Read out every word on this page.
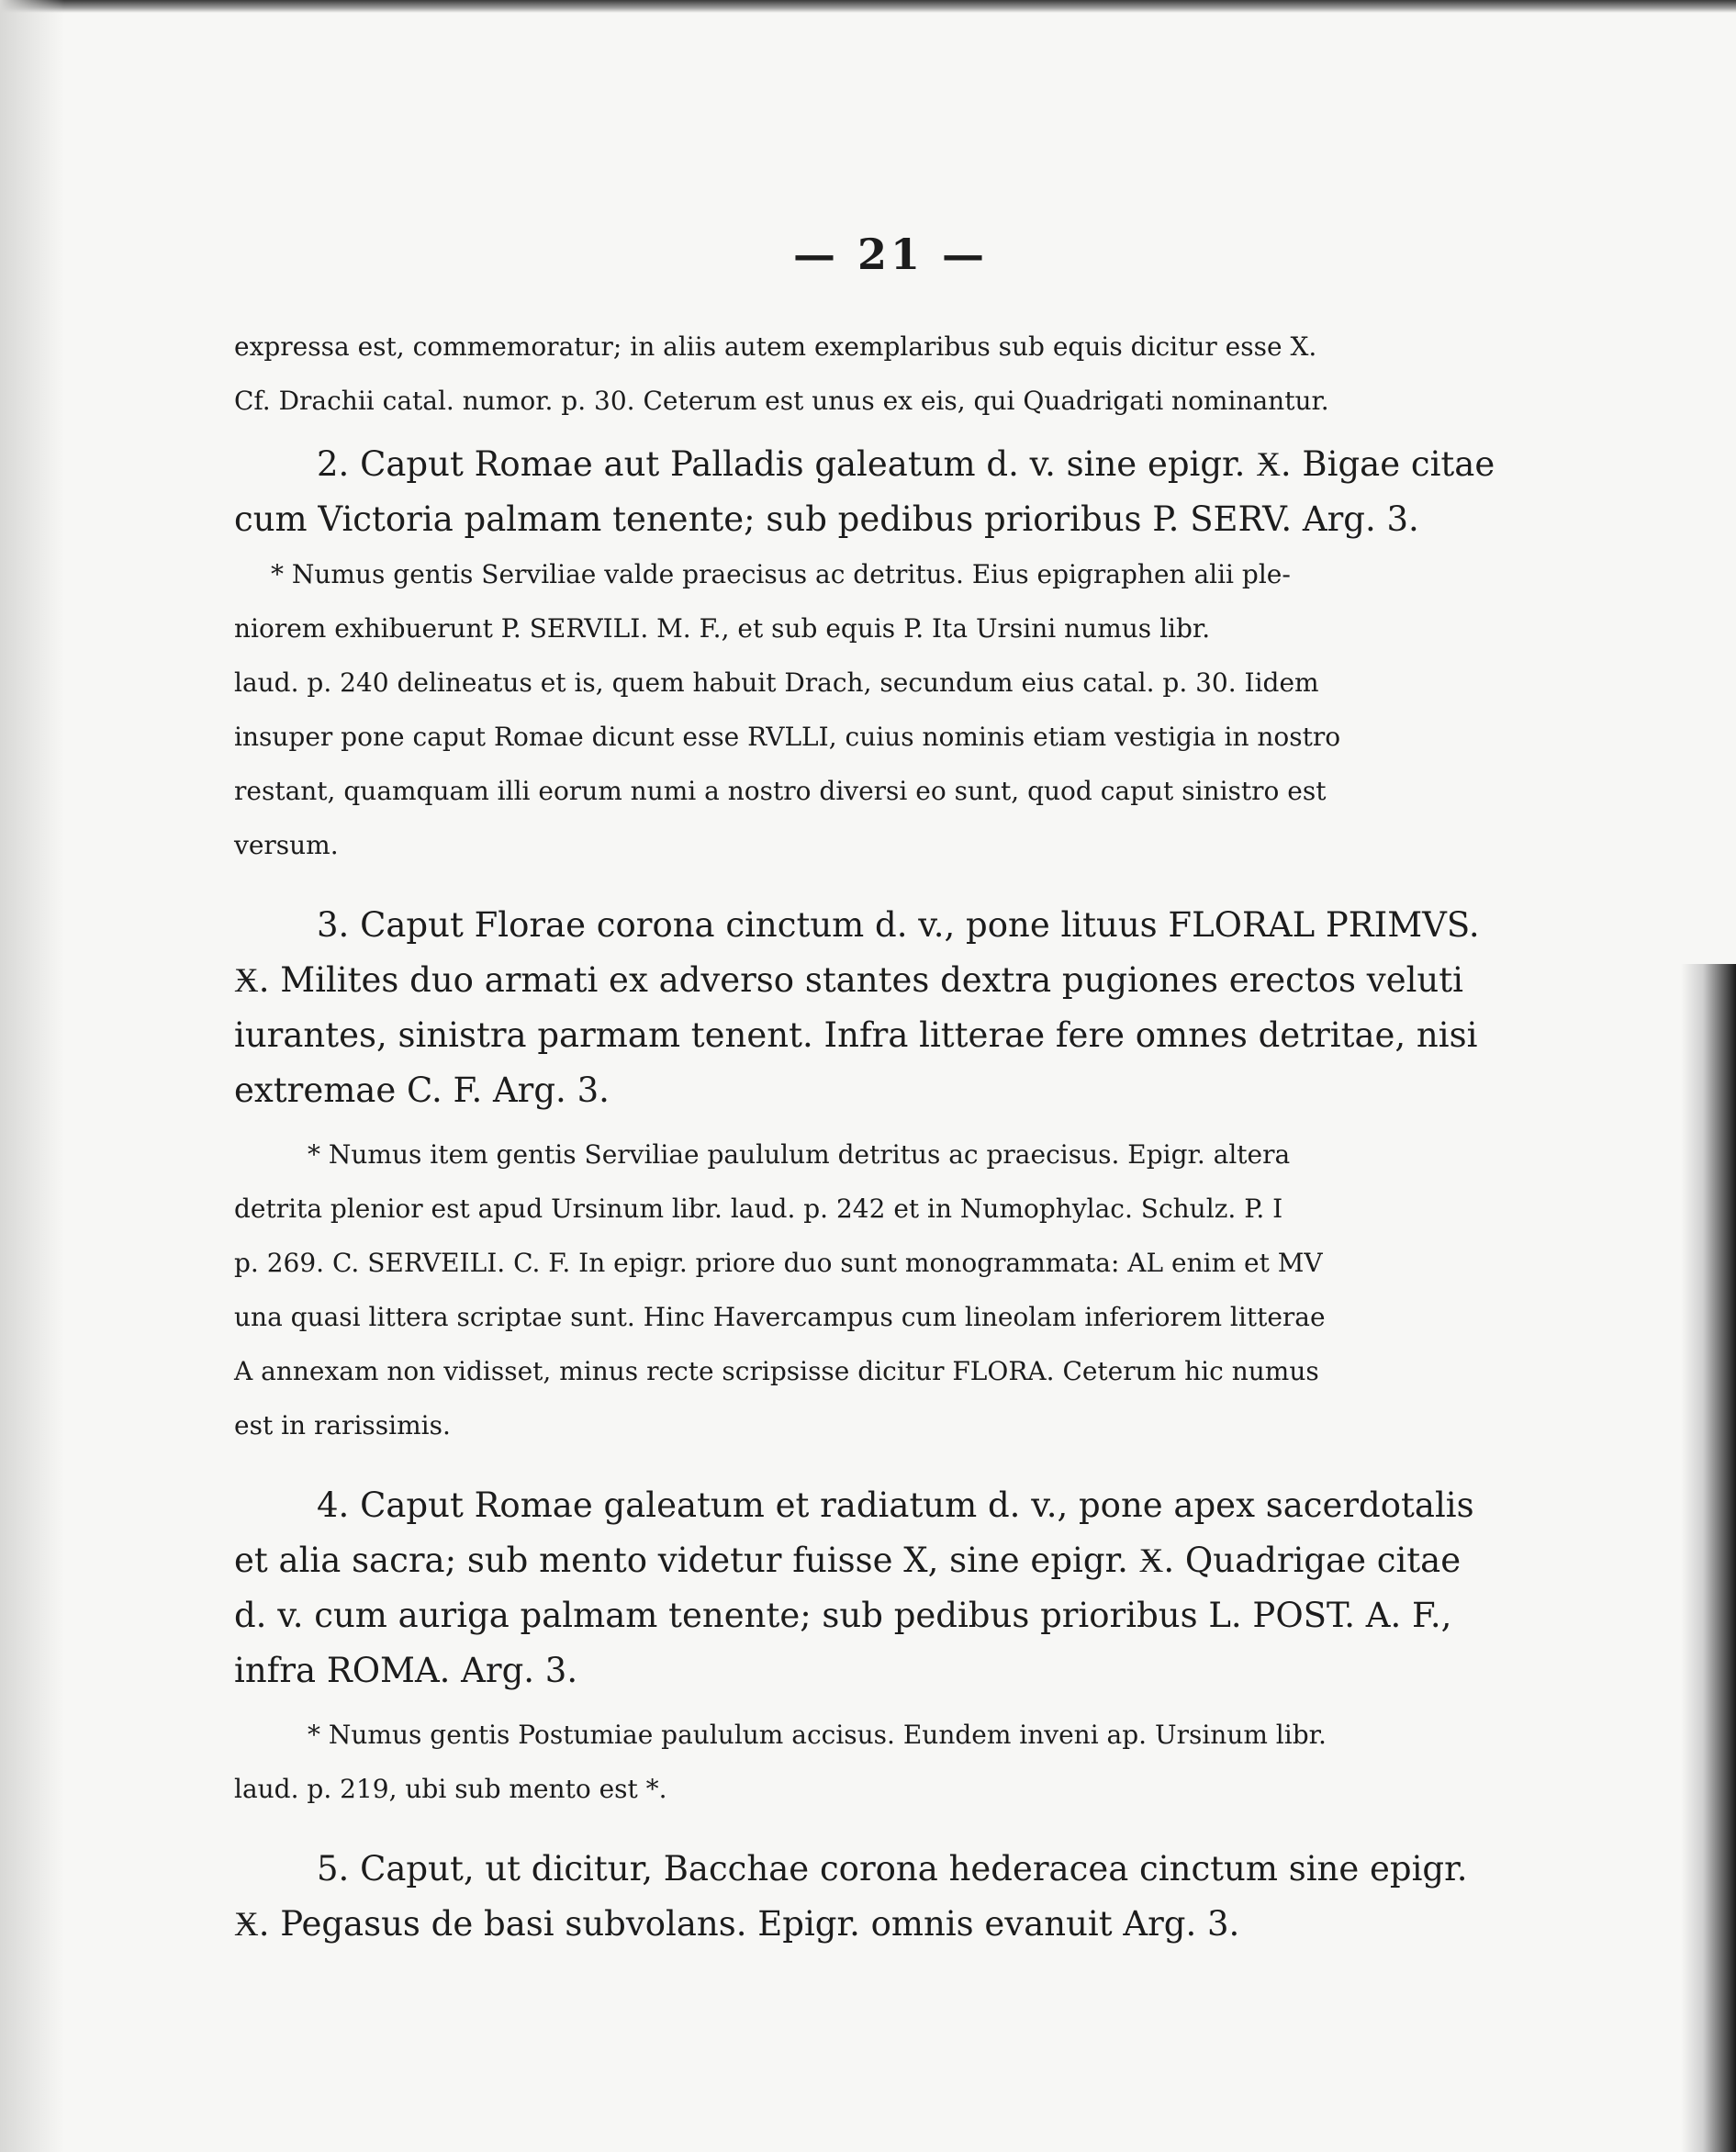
— 21 —

expressa est, commemoratur; in aliis autem exemplaribus sub equis dicitur esse X.
Cf. Drachii catal. numor. p. 30. Ceterum est unus ex eis, qui Quadrigati nominantur.

2. Caput Romae aut Palladis galeatum d. v. sine epigr. Ӿ. Bigae citae
cum Victoria palmam tenente; sub pedibus prioribus P. SERV. Arg. 3.

* Numus gentis Serviliae valde praecisus ac detritus. Eius epigraphen alii ple-
niorem exhibuerunt P. SERVILI. M. F., et sub equis P. Ita Ursini numus libr.
laud. p. 240 delineatus et is, quem habuit Drach, secundum eius catal. p. 30. Iidem
insuper pone caput Romae dicunt esse RVLLI, cuius nominis etiam vestigia in nostro
restant, quamquam illi eorum numi a nostro diversi eo sunt, quod caput sinistro est
versum.

3. Caput Florae corona cinctum d. v., pone lituus FLORAL PRIMVS.
Ӿ. Milites duo armati ex adverso stantes dextra pugiones erectos veluti
iurantes, sinistra parmam tenent. Infra litterae fere omnes detritae, nisi
extremae C. F. Arg. 3.

* Numus item gentis Serviliae paululum detritus ac praecisus. Epigr. altera
detrita plenior est apud Ursinum libr. laud. p. 242 et in Numophylac. Schulz. P. I
p. 269. C. SERVEILI. C. F. In epigr. priore duo sunt monogrammata: AL enim et MV
una quasi littera scriptae sunt. Hinc Havercampus cum lineolam inferiorem litterae
A annexam non vidisset, minus recte scripsisse dicitur FLORA. Ceterum hic numus
est in rarissimis.

4. Caput Romae galeatum et radiatum d. v., pone apex sacerdotalis
et alia sacra; sub mento videtur fuisse X, sine epigr. Ӿ. Quadrigae citae
d. v. cum auriga palmam tenente; sub pedibus prioribus L. POST. A. F.,
infra ROMA. Arg. 3.

* Numus gentis Postumiae paululum accisus. Eundem inveni ap. Ursinum libr.
laud. p. 219, ubi sub mento est *.

5. Caput, ut dicitur, Bacchae corona hederacea cinctum sine epigr.
Ӿ. Pegasus de basi subvolans. Epigr. omnis evanuit Arg. 3.
